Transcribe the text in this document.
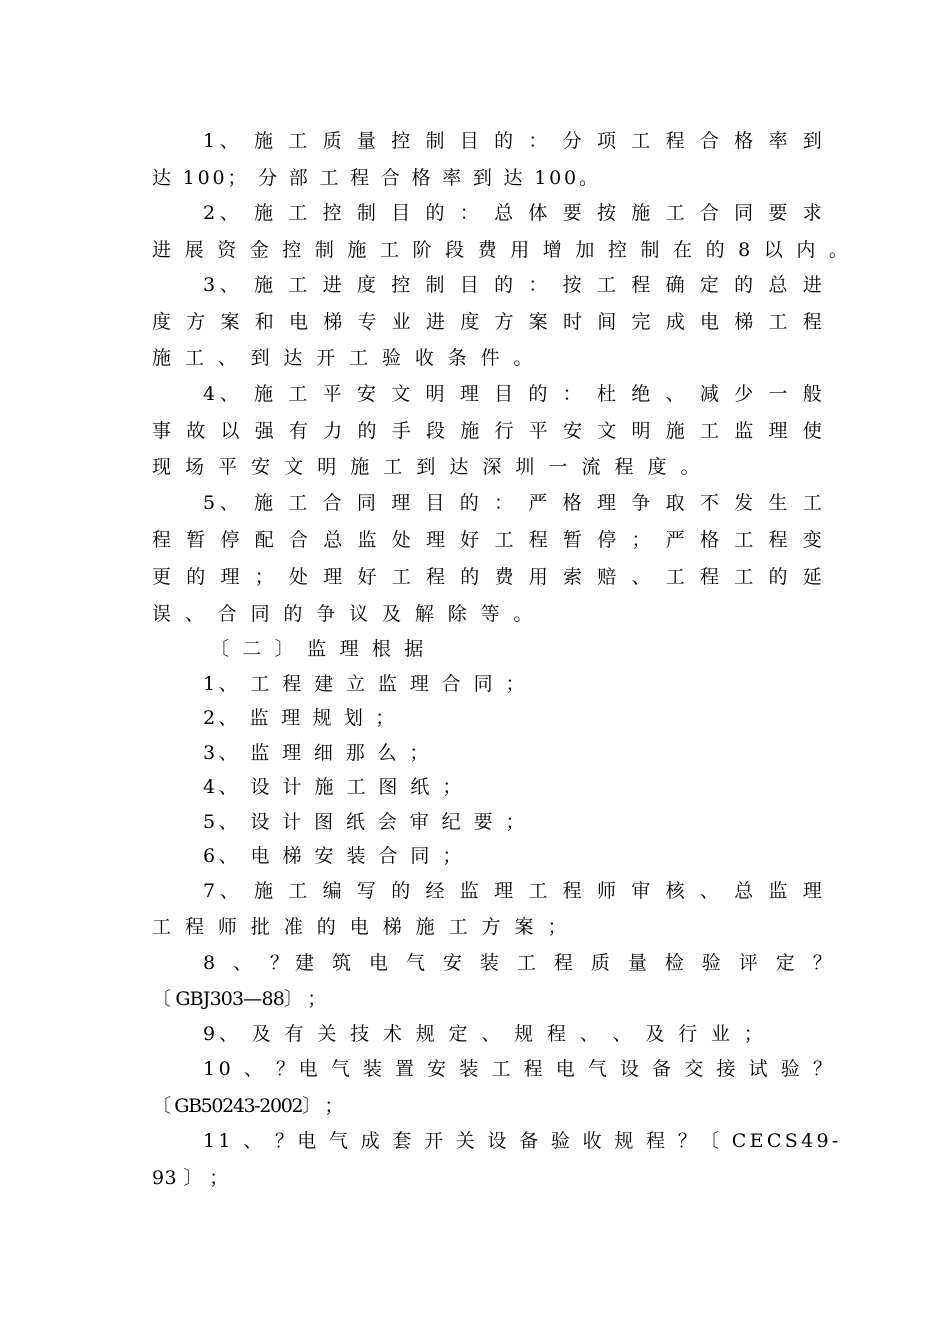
1、 施 工 质 量 控 制 目 的 ： 分 项 工 程 合 格 率 到
达 100； 分 部 工 程 合 格 率 到 达 100。
2、 施 工 控 制 目 的 ： 总 体 要 按 施 工 合 同 要 求
进 展 资 金 控 制 施 工 阶 段 费 用 增 加 控 制 在 的 8 以 内 。
3、 施 工 进 度 控 制 目 的 ： 按 工 程 确 定 的 总 进
度 方 案 和 电 梯 专 业 进 度 方 案 时 间 完 成 电 梯 工 程
施 工 、 到 达 开 工 验 收 条 件 。
4、 施 工 平 安 文 明 理 目 的 ： 杜 绝 、 减 少 一 般
事 故 以 强 有 力 的 手 段 施 行 平 安 文 明 施 工 监 理 使
现 场 平 安 文 明 施 工 到 达 深 圳 一 流 程 度 。
5、 施 工 合 同 理 目 的 ： 严 格 理 争 取 不 发 生 工
程 暂 停 配 合 总 监 处 理 好 工 程 暂 停 ； 严 格 工 程 变
更 的 理 ； 处 理 好 工 程 的 费 用 索 赔 、 工 程 工 的 延
误 、 合 同 的 争 议 及 解 除 等 。
〔 二 〕 监 理 根 据
1、 工 程 建 立 监 理 合 同 ；
2、 监 理 规 划 ；
3、 监 理 细 那 么 ；
4、 设 计 施 工 图 纸 ；
5、 设 计 图 纸 会 审 纪 要 ；
6、 电 梯 安 装 合 同 ；
7、 施 工 编 写 的 经 监 理 工 程 师 审 核 、 总 监 理
工 程 师 批 准 的 电 梯 施 工 方 案 ；
8 、 ？建 筑 电 气 安 装 工 程 质 量 检 验 评 定 ？
〔 GBJ303—88〕 ；
9、 及 有 关 技 术 规 定 、 规 程 、 、 及 行 业 ；
10 、 ？电 气 装 置 安 装 工 程 电 气 设 备 交 接 试 验 ？
〔 GB50243-2002〕 ；
11 、 ？电 气 成 套 开 关 设 备 验 收 规 程 ？〔 CECS49-
93 〕 ；
